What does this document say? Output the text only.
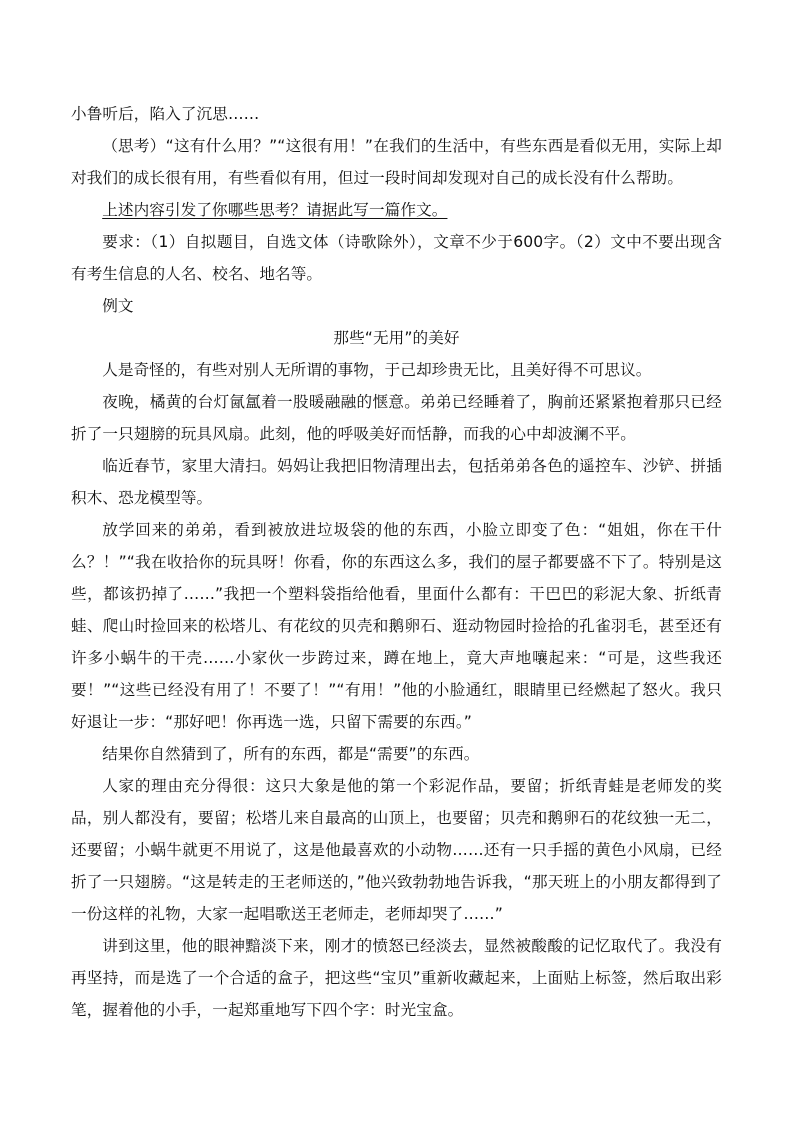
小鲁听后，陷入了沉思……

（思考）“这有什么用？”“这很有用！”在我们的生活中，有些东西是看似无用，实际上却对我们的成长很有用，有些看似有用，但过一段时间却发现对自己的成长没有什么帮助。

上述内容引发了你哪些思考？请据此写一篇作文。

要求：（1）自拟题目，自选文体（诗歌除外），文章不少于600字。（2）文中不要出现含有考生信息的人名、校名、地名等。

例文

那些“无用”的美好

人是奇怪的，有些对别人无所谓的事物，于己却珍贵无比，且美好得不可思议。

夜晚，橘黄的台灯氤氲着一股暖融融的惬意。弟弟已经睡着了，胸前还紧紧抱着那只已经折了一只翅膀的玩具风扇。此刻，他的呼吸美好而恬静，而我的心中却波澜不平。

临近春节，家里大清扫。妈妈让我把旧物清理出去，包括弟弟各色的遥控车、沙铲、拼插积木、恐龙模型等。

放学回来的弟弟，看到被放进垃圾袋的他的东西，小脸立即变了色：“姐姐，你在干什么？！”“我在收拾你的玩具呀！你看，你的东西这么多，我们的屋子都要盛不下了。特别是这些，都该扔掉了……”我把一个塑料袋指给他看，里面什么都有：干巴巴的彩泥大象、折纸青蛙、爬山时捡回来的松塔儿、有花纹的贝壳和鹅卵石、逛动物园时捡拾的孔雀羽毛，甚至还有许多小蜗牛的干壳……小家伙一步跨过来，蹲在地上，竟大声地嚷起来：“可是，这些我还要！”“这些已经没有用了！不要了！”“有用！”他的小脸通红，眼睛里已经燃起了怒火。我只好退让一步：“那好吧！你再选一选，只留下需要的东西。”

结果你自然猜到了，所有的东西，都是“需要”的东西。

人家的理由充分得很：这只大象是他的第一个彩泥作品，要留；折纸青蛙是老师发的奖品，别人都没有，要留；松塔儿来自最高的山顶上，也要留；贝壳和鹅卵石的花纹独一无二，还要留；小蜗牛就更不用说了，这是他最喜欢的小动物……还有一只手摇的黄色小风扇，已经折了一只翅膀。“这是转走的王老师送的，”他兴致勃勃地告诉我，“那天班上的小朋友都得到了一份这样的礼物，大家一起唱歌送王老师走，老师却哭了……”

讲到这里，他的眼神黯淡下来，刚才的愤怒已经淡去，显然被酸酸的记忆取代了。我没有再坚持，而是选了一个合适的盒子，把这些“宝贝”重新收藏起来，上面贴上标签，然后取出彩笔，握着他的小手，一起郑重地写下四个字：时光宝盒。
